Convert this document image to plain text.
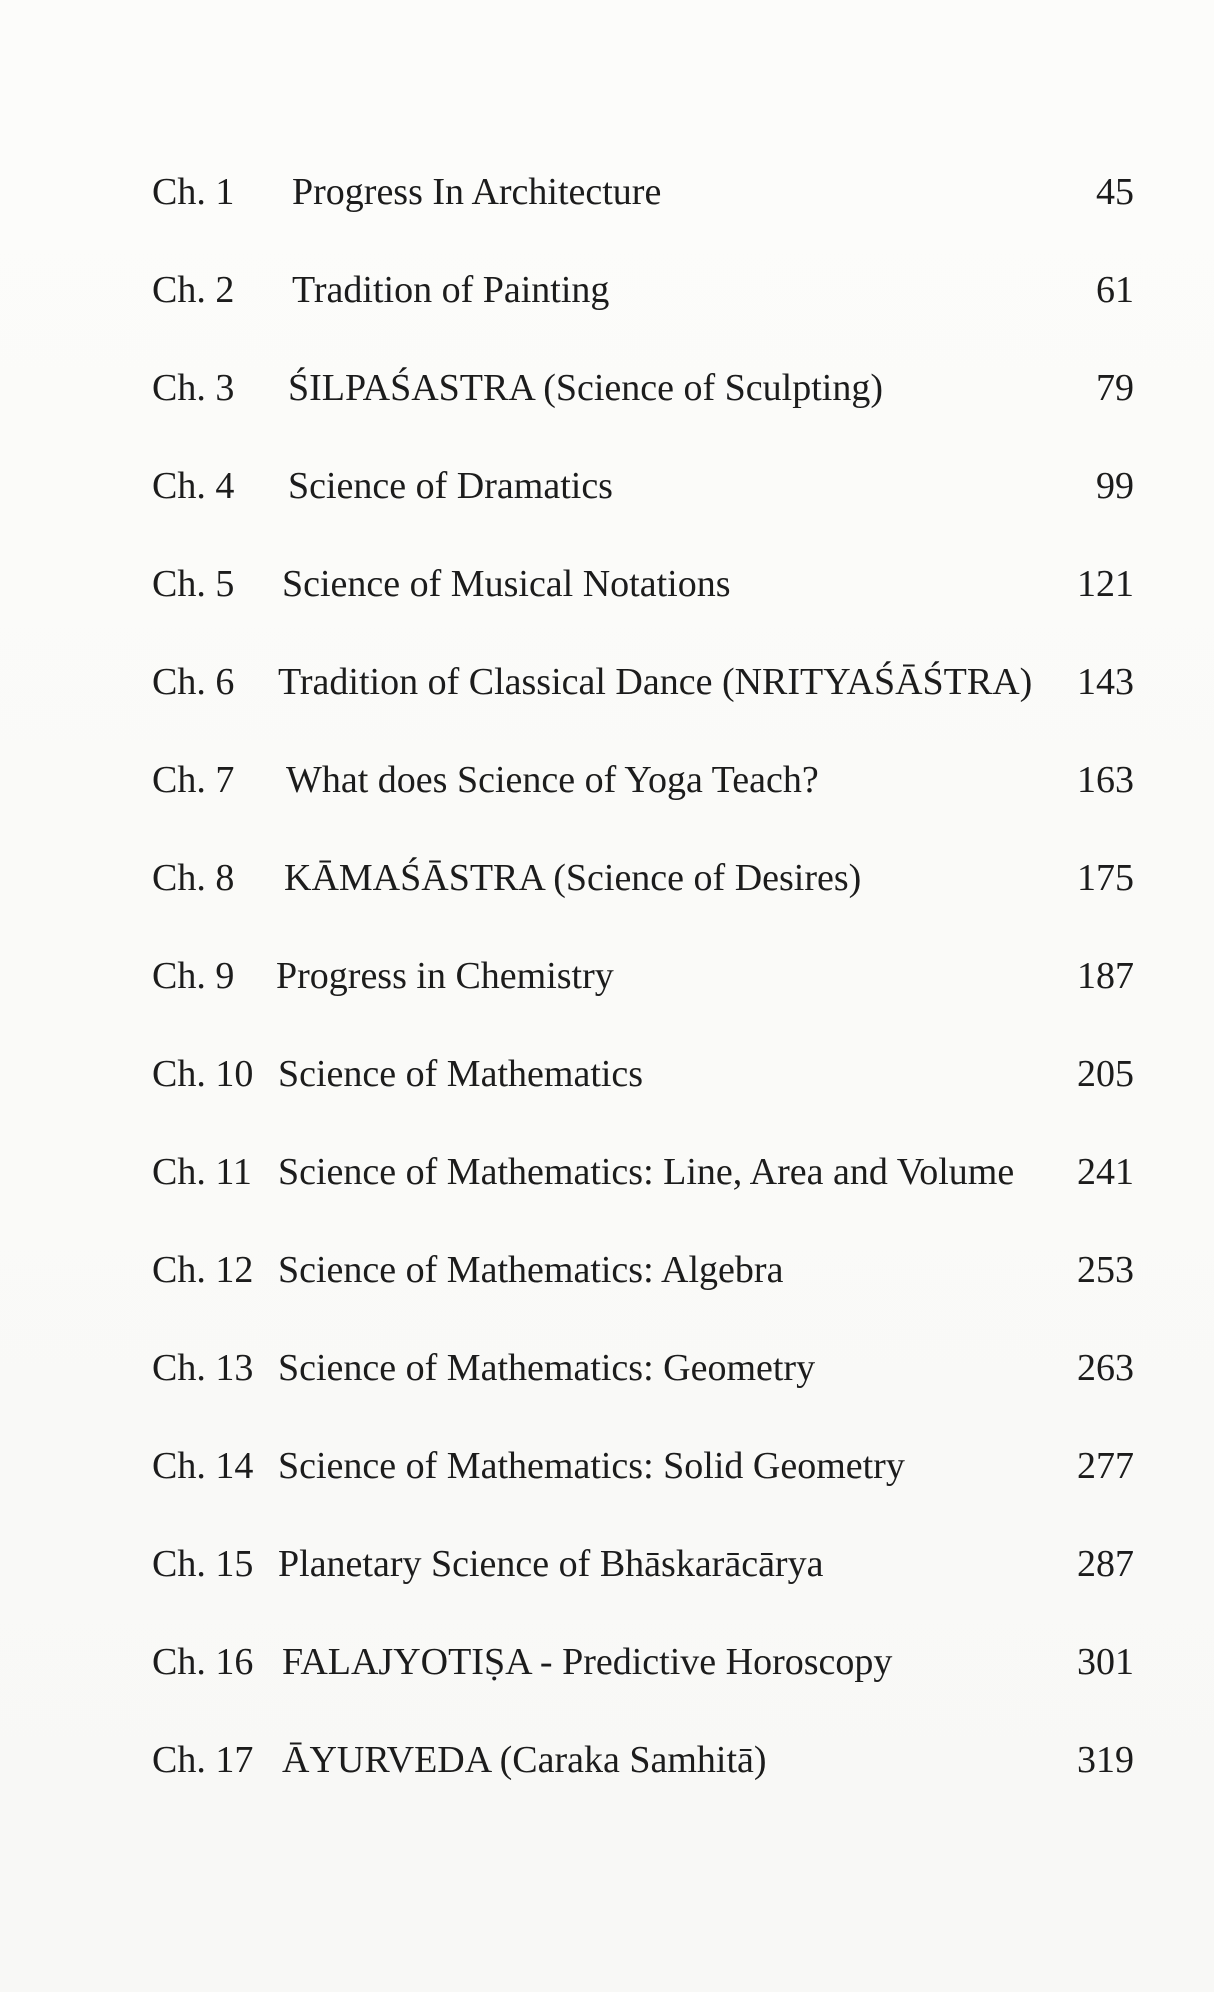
Ch. 1 Progress In Architecture	45
Ch. 2 Tradition of Painting	61
Ch. 3 ŚILPAŚASTRA (Science of Sculpting)	79
Ch. 4 Science of Dramatics	99
Ch. 5 Science of Musical Notations	121
Ch. 6 Tradition of Classical Dance (NRITYAŚĀŚTRA) 143
Ch. 7 What does Science of Yoga Teach?	163
Ch. 8 KĀMAŚĀSTRA (Science of Desires)	175
Ch. 9 Progress in Chemistry	187
Ch. 10 Science of Mathematics	205
Ch. 11 Science of Mathematics: Line, Area and Volume 241
Ch. 12 Science of Mathematics: Algebra	253
Ch. 13 Science of Mathematics: Geometry	263
Ch. 14 Science of Mathematics: Solid Geometry	277
Ch. 15 Planetary Science of Bhāskarācārya	287
Ch. 16 FALAJYOTIṢA - Predictive Horoscopy	301
Ch. 17 ĀYURVEDA (Caraka Samhitā)	319
